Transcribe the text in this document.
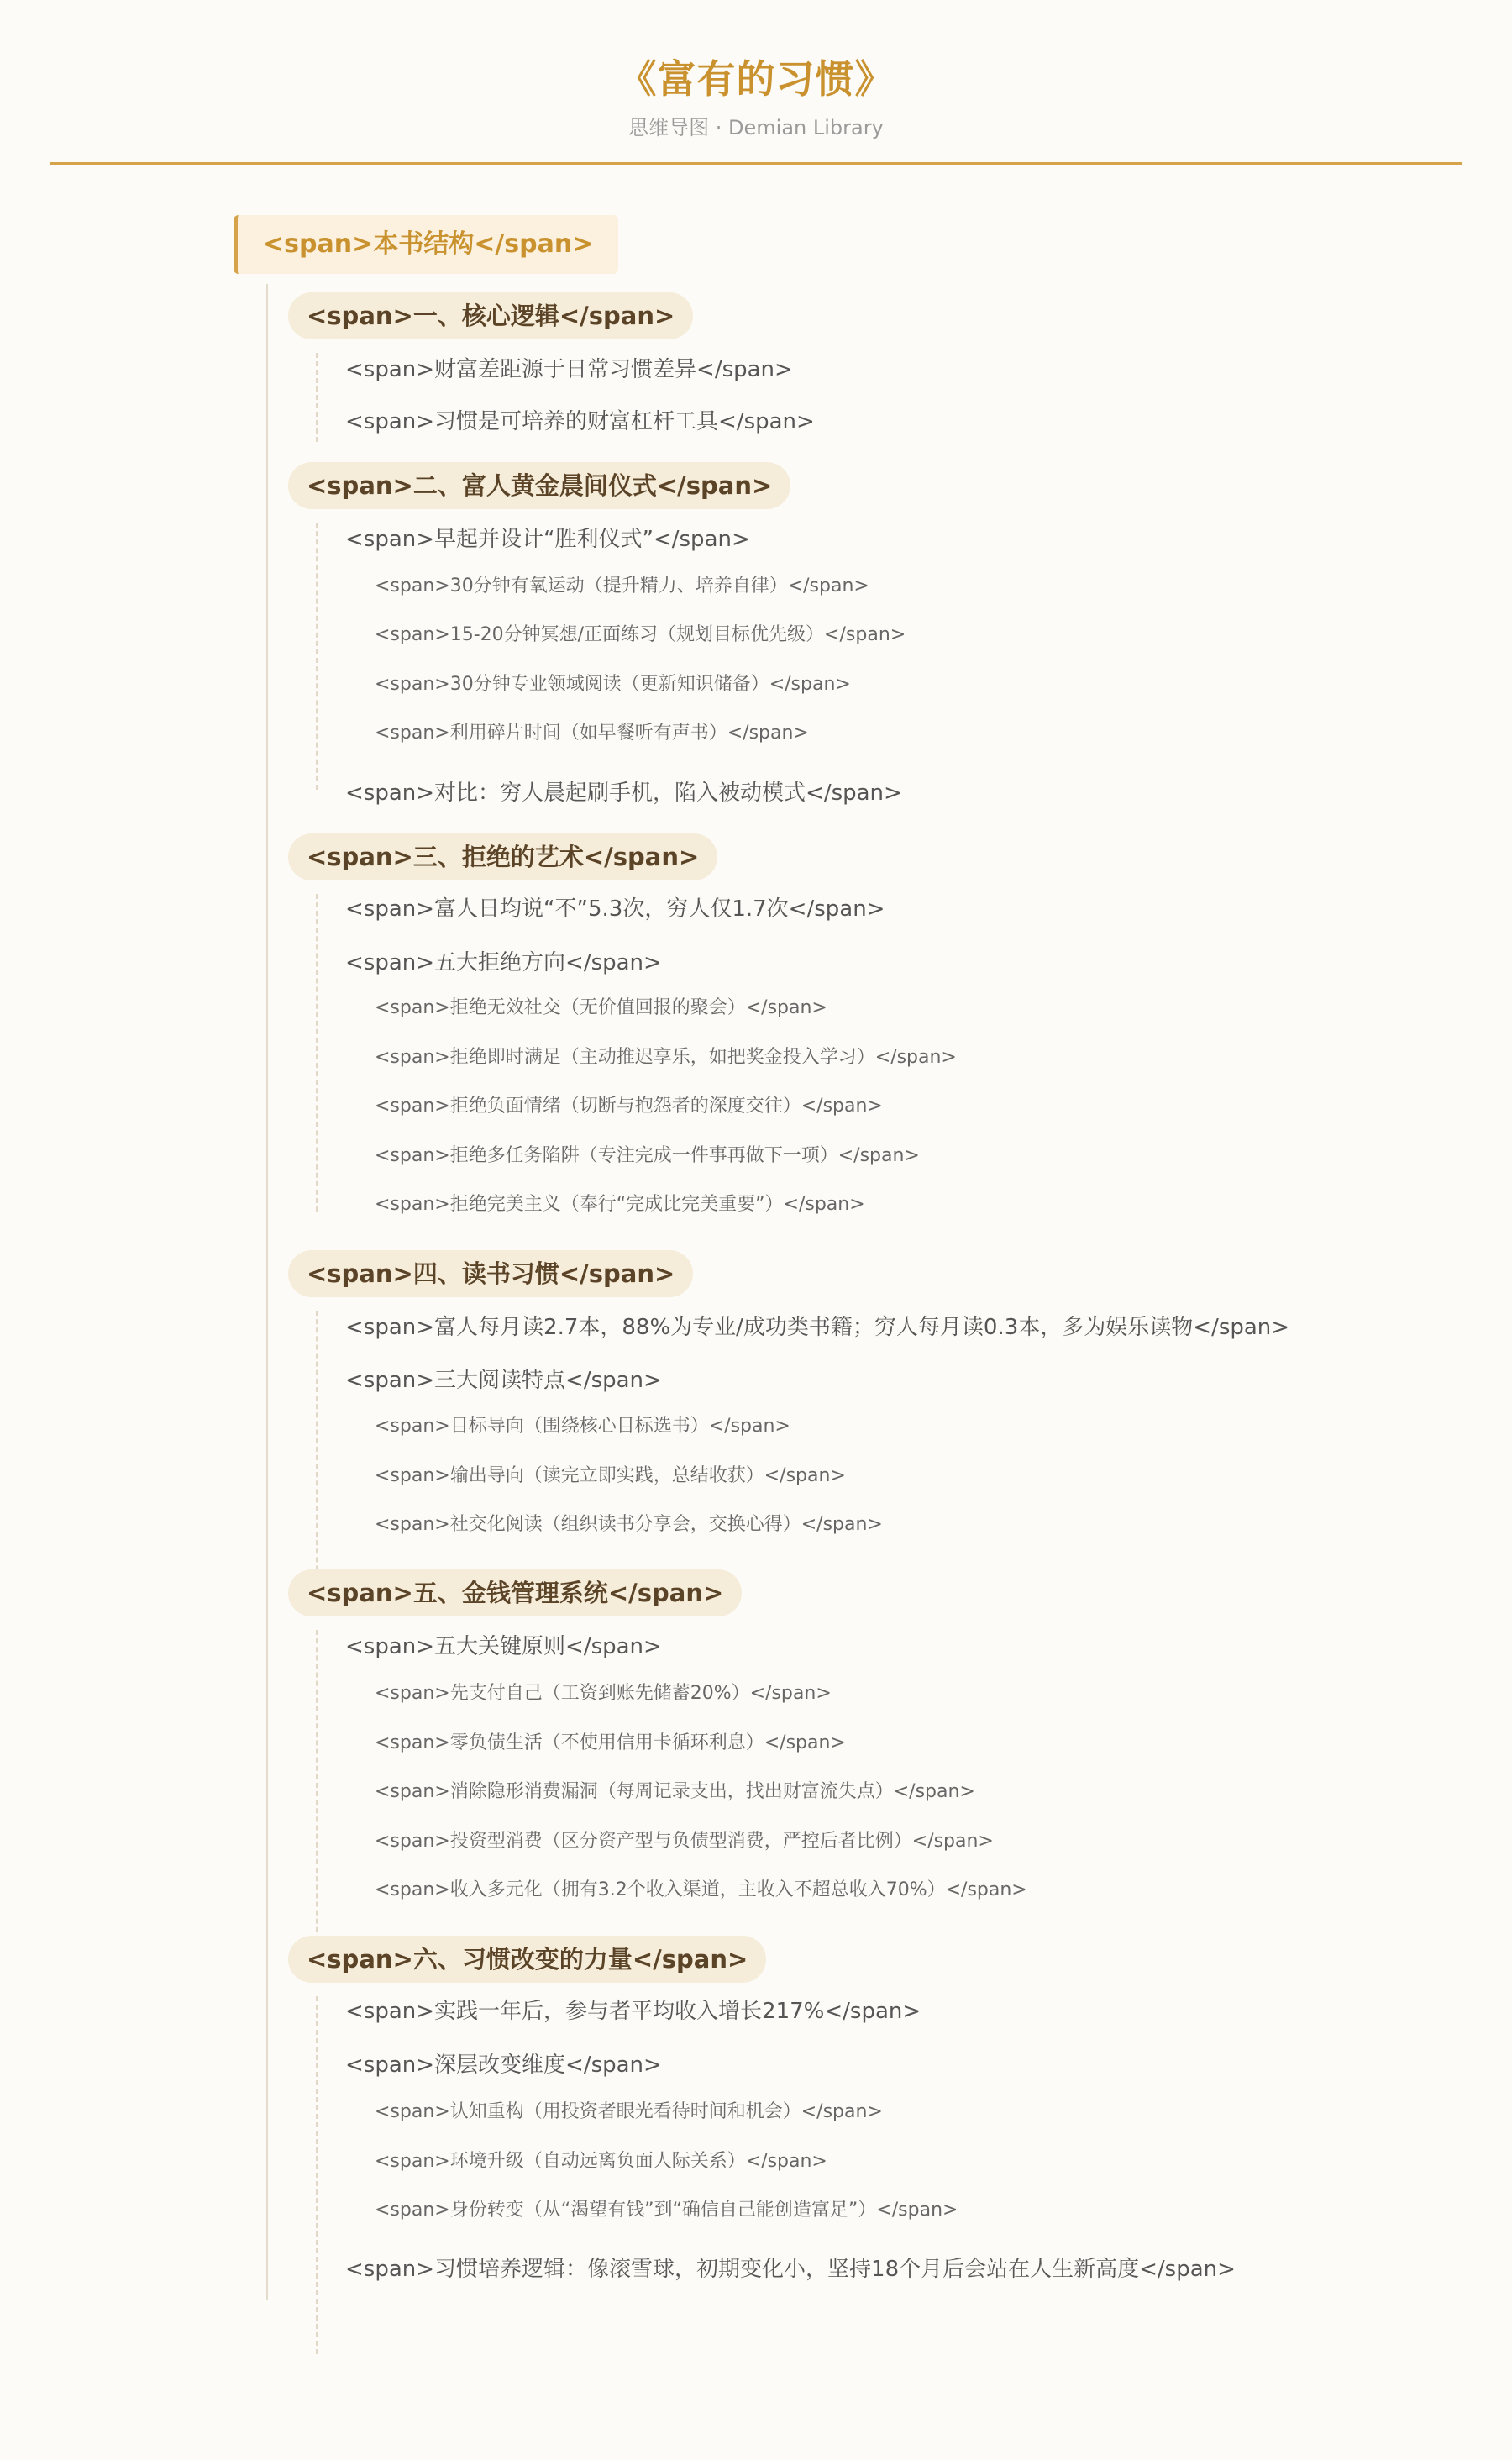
《富有的习惯》
思维导图 · Demian Library
<span>本书结构</span>
<span>一、核心逻辑</span>
<span>财富差距源于日常习惯差异</span>
<span>习惯是可培养的财富杠杆工具</span>
<span>二、富人黄金晨间仪式</span>
<span>早起并设计“胜利仪式”</span>
<span>30分钟有氧运动（提升精力、培养自律）</span>
<span>15-20分钟冥想/正面练习（规划目标优先级）</span>
<span>30分钟专业领域阅读（更新知识储备）</span>
<span>利用碎片时间（如早餐听有声书）</span>
<span>对比：穷人晨起刷手机，陷入被动模式</span>
<span>三、拒绝的艺术</span>
<span>富人日均说“不”5.3次，穷人仅1.7次</span>
<span>五大拒绝方向</span>
<span>拒绝无效社交（无价值回报的聚会）</span>
<span>拒绝即时满足（主动推迟享乐，如把奖金投入学习）</span>
<span>拒绝负面情绪（切断与抱怨者的深度交往）</span>
<span>拒绝多任务陷阱（专注完成一件事再做下一项）</span>
<span>拒绝完美主义（奉行“完成比完美重要”）</span>
<span>四、读书习惯</span>
<span>富人每月读2.7本，88%为专业/成功类书籍；穷人每月读0.3本，多为娱乐读物</span>
<span>三大阅读特点</span>
<span>目标导向（围绕核心目标选书）</span>
<span>输出导向（读完立即实践，总结收获）</span>
<span>社交化阅读（组织读书分享会，交换心得）</span>
<span>五、金钱管理系统</span>
<span>五大关键原则</span>
<span>先支付自己（工资到账先储蓄20%）</span>
<span>零负债生活（不使用信用卡循环利息）</span>
<span>消除隐形消费漏洞（每周记录支出，找出财富流失点）</span>
<span>投资型消费（区分资产型与负债型消费，严控后者比例）</span>
<span>收入多元化（拥有3.2个收入渠道，主收入不超总收入70%）</span>
<span>六、习惯改变的力量</span>
<span>实践一年后，参与者平均收入增长217%</span>
<span>深层改变维度</span>
<span>认知重构（用投资者眼光看待时间和机会）</span>
<span>环境升级（自动远离负面人际关系）</span>
<span>身份转变（从“渴望有钱”到“确信自己能创造富足”）</span>
<span>习惯培养逻辑：像滚雪球，初期变化小，坚持18个月后会站在人生新高度</span>
